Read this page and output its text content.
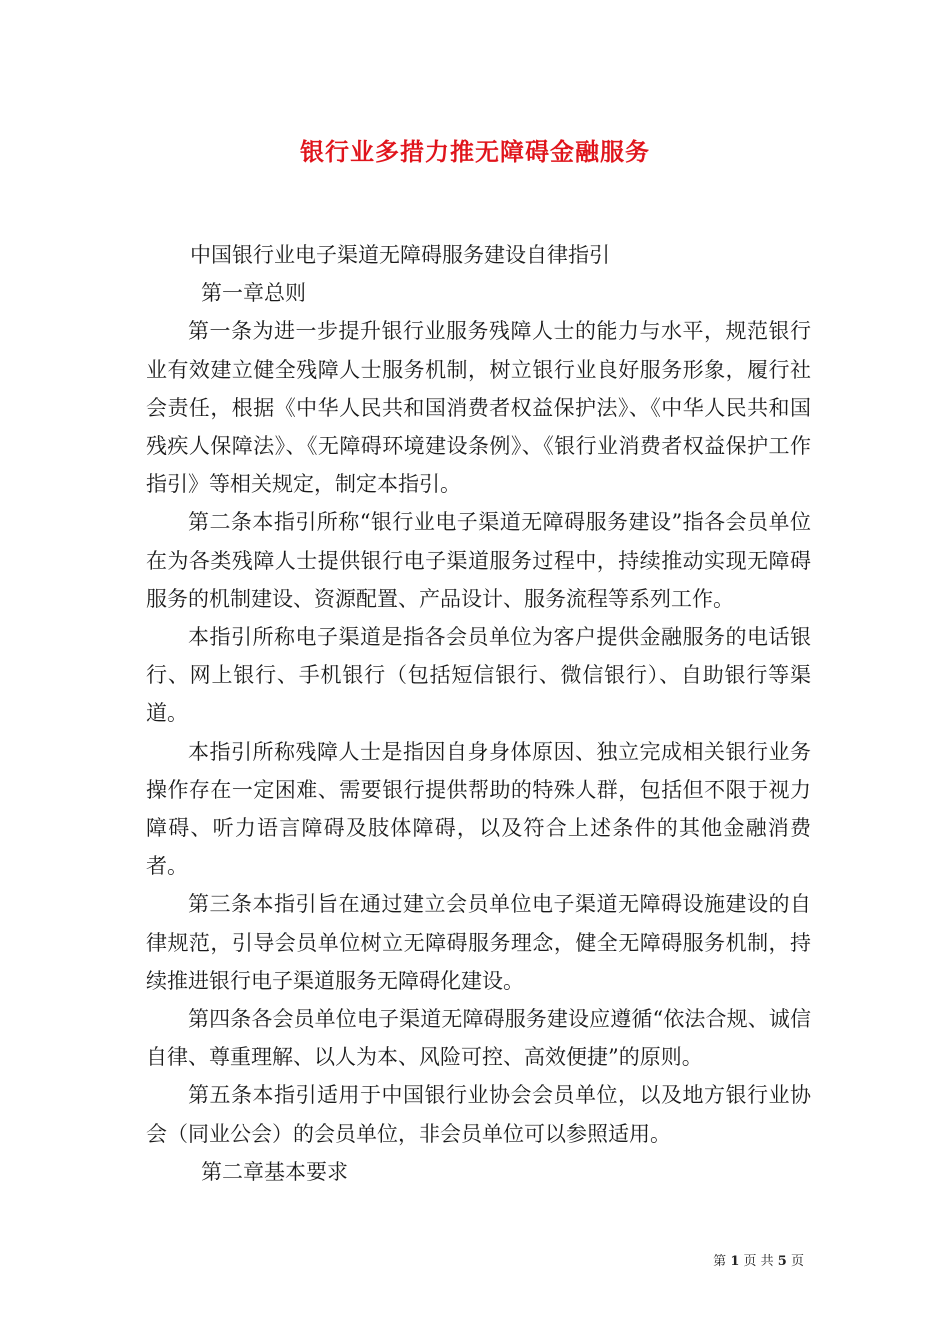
银行业多措力推无障碍金融服务

中国银行业电子渠道无障碍服务建设自律指引

第一章总则

第一条为进一步提升银行业服务残障人士的能力与水平，规范银行业有效建立健全残障人士服务机制，树立银行业良好服务形象，履行社会责任，根据《中华人民共和国消费者权益保护法》、《中华人民共和国残疾人保障法》、《无障碍环境建设条例》、《银行业消费者权益保护工作指引》等相关规定，制定本指引。

第二条本指引所称“银行业电子渠道无障碍服务建设”指各会员单位在为各类残障人士提供银行电子渠道服务过程中，持续推动实现无障碍服务的机制建设、资源配置、产品设计、服务流程等系列工作。

本指引所称电子渠道是指各会员单位为客户提供金融服务的电话银行、网上银行、手机银行（包括短信银行、微信银行）、自助银行等渠道。

本指引所称残障人士是指因自身身体原因、独立完成相关银行业务操作存在一定困难、需要银行提供帮助的特殊人群，包括但不限于视力障碍、听力语言障碍及肢体障碍，以及符合上述条件的其他金融消费者。

第三条本指引旨在通过建立会员单位电子渠道无障碍设施建设的自律规范，引导会员单位树立无障碍服务理念，健全无障碍服务机制，持续推进银行电子渠道服务无障碍化建设。

第四条各会员单位电子渠道无障碍服务建设应遵循“依法合规、诚信自律、尊重理解、以人为本、风险可控、高效便捷”的原则。

第五条本指引适用于中国银行业协会会员单位，以及地方银行业协会（同业公会）的会员单位，非会员单位可以参照适用。

第二章基本要求

第 1 页 共 5 页
